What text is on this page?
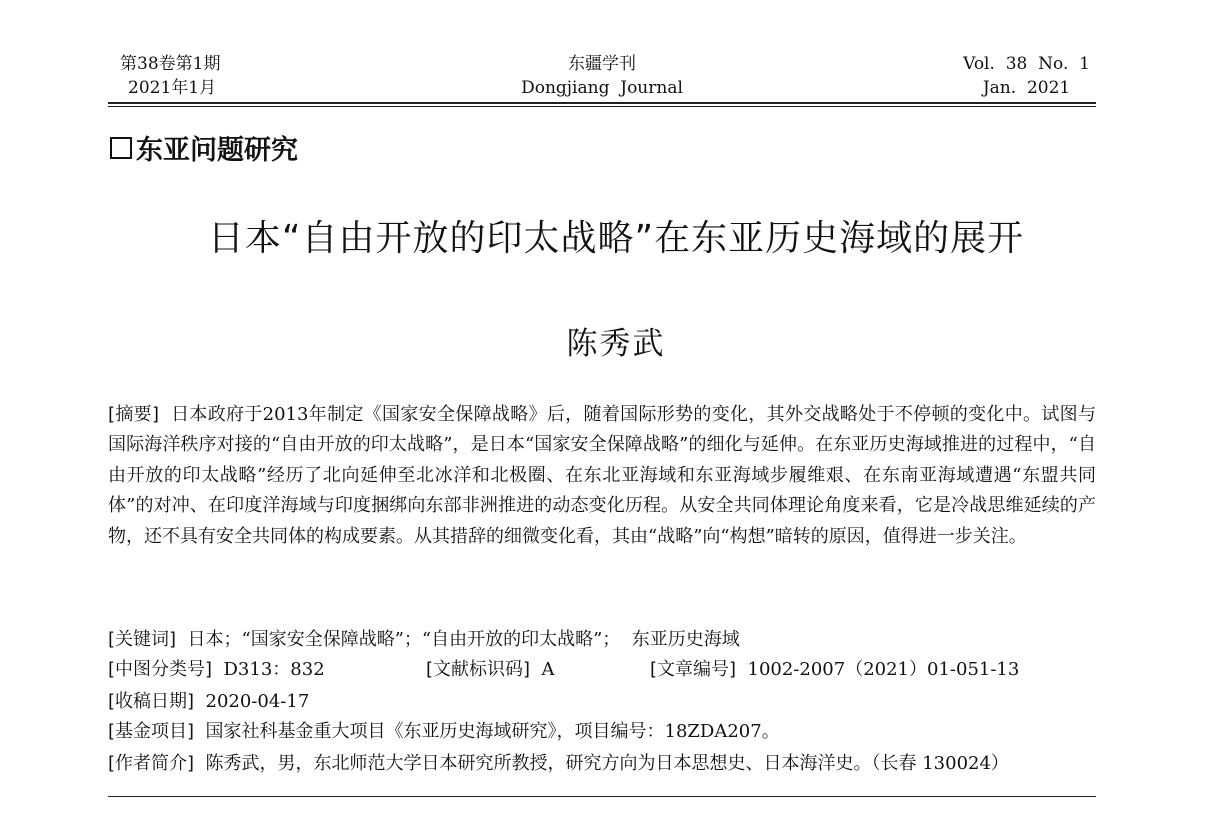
第38卷第1期
2021年1月
东疆学刊
Dongjiang  Journal
Vol.  38  No.  1
Jan.  2021
东亚问题研究
日本“自由开放的印太战略”在东亚历史海域的展开
陈秀武
[摘要] 日本政府于2013年制定《国家安全保障战略》后，随着国际形势的变化，其外交战略处于不停顿的变化中。试图与国际海洋秩序对接的“自由开放的印太战略”，是日本“国家安全保障战略”的细化与延伸。在东亚历史海域推进的过程中，“自由开放的印太战略”经历了北向延伸至北冰洋和北极圈、在东北亚海域和东亚海域步履维艰、在东南亚海域遭遇“东盟共同体”的对冲、在印度洋海域与印度捆绑向东部非洲推进的动态变化历程。从安全共同体理论角度来看，它是冷战思维延续的产物，还不具有安全共同体的构成要素。从其措辞的细微变化看，其由“战略”向“构想”暗转的原因，值得进一步关注。
[关键词] 日本；“国家安全保障战略”；“自由开放的印太战略”；  东亚历史海域
[中图分类号] D313：832	[文献标识码] A	[文章编号] 1002-2007（2021）01-051-13
[收稿日期] 2020-04-17
[基金项目] 国家社科基金重大项目《东亚历史海域研究》，项目编号：18ZDA207。
[作者简介] 陈秀武，男，东北师范大学日本研究所教授，研究方向为日本思想史、日本海洋史。（长春 130024）
